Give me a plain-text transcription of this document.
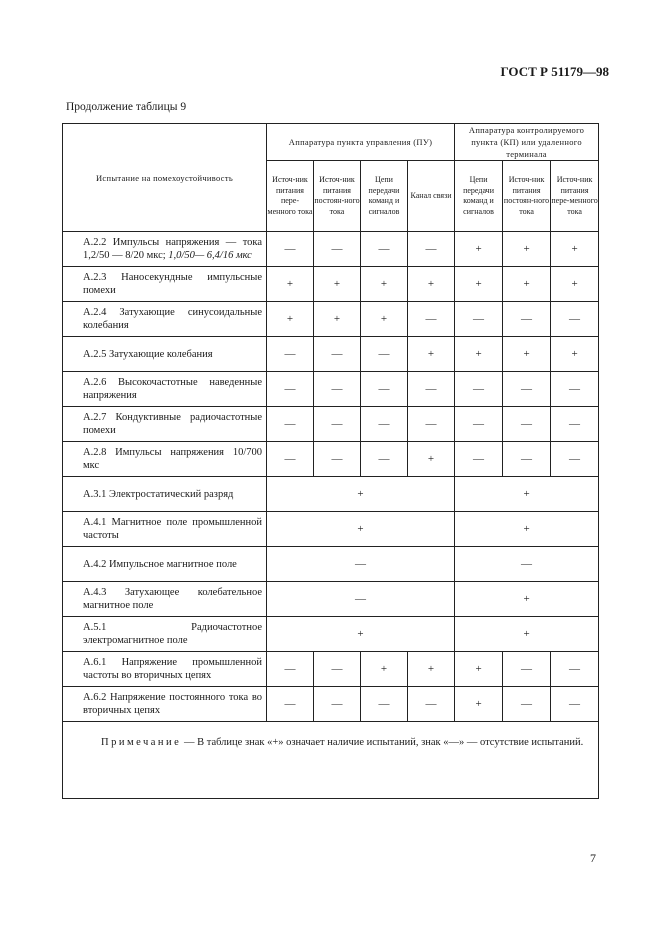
ГОСТ Р 51179—98
Продолжение таблицы 9
Испытание на помехоустойчивость	Аппаратура пункта управления (ПУ)				Аппаратура контролируемого пункта (КП) или удаленного терминала		
	Источ-ник питания пере-менного тока	Источ-ник питания постоян-ного тока	Цепи передачи команд и сигналов	Канал связи	Цепи передачи команд и сигналов	Источ-ник питания постоян-ного тока	Источ-ник питания пере-менного тока

А.2.2 Импульсы напряжения — тока 1,2/50 — 8/20 мкс; 1,0/50— 6,4/16 мкс	—	—	—	—	+	+	+

А.2.3 Наносекундные импульсные помехи	+	+	+	+	+	+	+

А.2.4 Затухающие синусоидальные колебания	+	+	+	—	—	—	—

А.2.5 Затухающие колебания	—	—	—	+	+	+	+

А.2.6 Высокочастотные наведенные напряжения	—	—	—	—	—	—	—

А.2.7 Кондуктивные радиочастотные помехи	—	—	—	—	—	—	—

А.2.8 Импульсы напряжения 10/700 мкс	—	—	—	+	—	—	—

А.3.1 Электростатический разряд	+				+		

А.4.1 Магнитное поле промышленной частоты	+				+		

А.4.2 Импульсное магнитное поле	—				—		

А.4.3 Затухающее колебательное магнитное поле	—				+		

А.5.1 Радиочастотное электромагнитное поле	+				+		

А.6.1 Напряжение промышленной частоты во вторичных цепях	—	—	+	+	+	—	—

А.6.2 Напряжение постоянного тока во вторичных цепях	—	—	—	—	+	—	—

Примечание — В таблице знак «+» означает наличие испытаний, знак «—» — отсутствие испытаний.							
7
